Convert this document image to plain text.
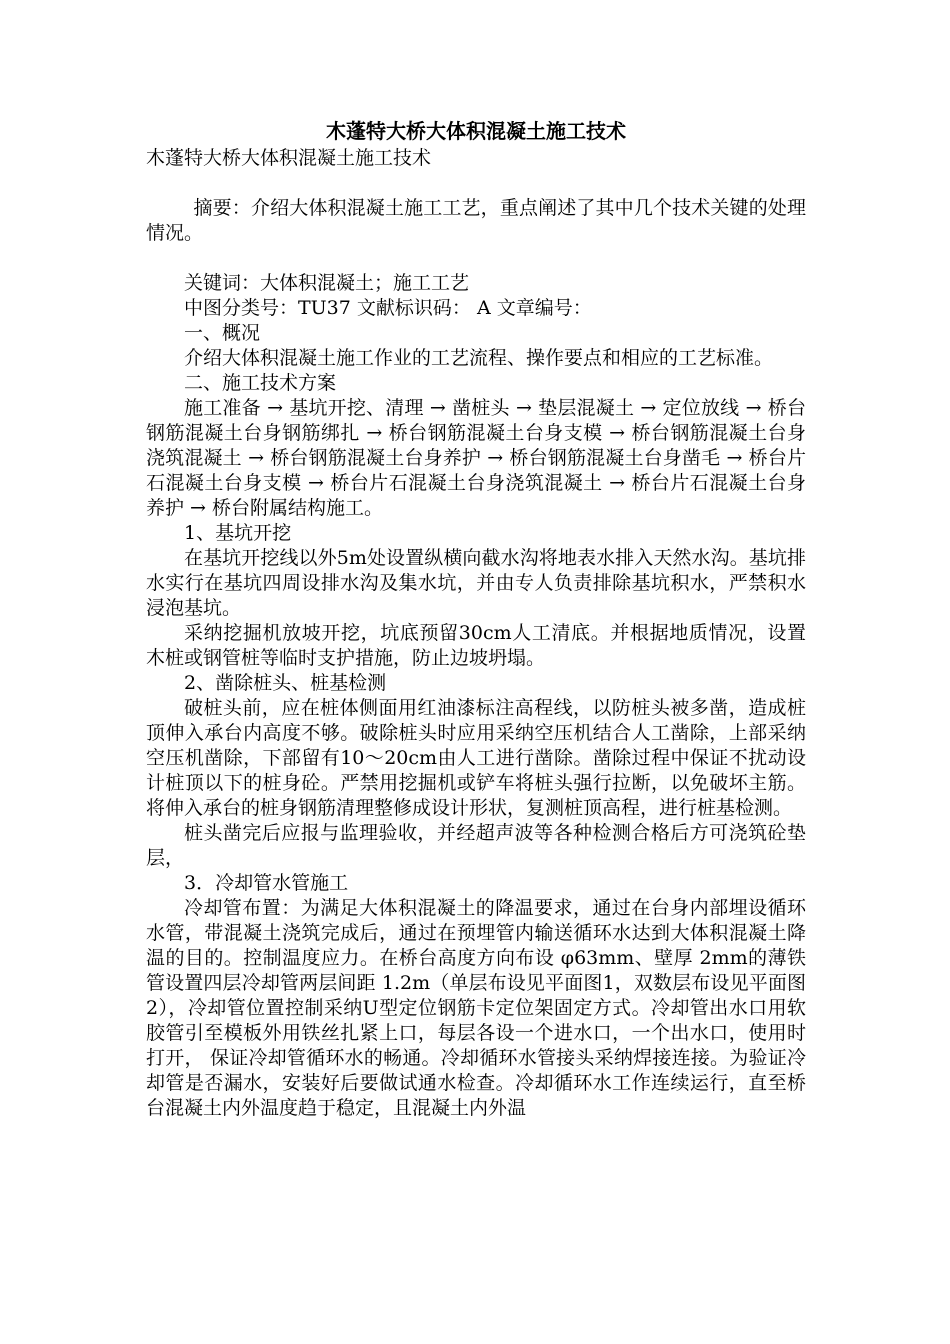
木蓬特大桥大体积混凝土施工技术

木蓬特大桥大体积混凝土施工技术

摘要：介绍大体积混凝土施工工艺，重点阐述了其中几个技术关键的处理情况。

关键词：大体积混凝土；施工工艺

中图分类号：TU37 文献标识码： A 文章编号：

一、概况

介绍大体积混凝土施工作业的工艺流程、操作要点和相应的工艺标准。

二、施工技术方案

施工准备 → 基坑开挖、清理 → 凿桩头 → 垫层混凝土 → 定位放线 → 桥台钢筋混凝土台身钢筋绑扎 → 桥台钢筋混凝土台身支模 → 桥台钢筋混凝土台身浇筑混凝土 → 桥台钢筋混凝土台身养护 → 桥台钢筋混凝土台身凿毛 → 桥台片石混凝土台身支模 → 桥台片石混凝土台身浇筑混凝土 → 桥台片石混凝土台身养护 → 桥台附属结构施工。

1、基坑开挖

在基坑开挖线以外5m处设置纵横向截水沟将地表水排入天然水沟。基坑排水实行在基坑四周设排水沟及集水坑，并由专人负责排除基坑积水，严禁积水浸泡基坑。

采纳挖掘机放坡开挖，坑底预留30cm人工清底。并根据地质情况，设置木桩或钢管桩等临时支护措施，防止边坡坍塌。

2、凿除桩头、桩基检测

破桩头前，应在桩体侧面用红油漆标注高程线，以防桩头被多凿，造成桩顶伸入承台内高度不够。破除桩头时应用采纳空压机结合人工凿除，上部采纳空压机凿除，下部留有10～20cm由人工进行凿除。凿除过程中保证不扰动设计桩顶以下的桩身砼。严禁用挖掘机或铲车将桩头强行拉断，以免破坏主筋。将伸入承台的桩身钢筋清理整修成设计形状，复测桩顶高程，进行桩基检测。

桩头凿完后应报与监理验收，并经超声波等各种检测合格后方可浇筑砼垫层，

3．冷却管水管施工

冷却管布置：为满足大体积混凝土的降温要求，通过在台身内部埋设循环水管，带混凝土浇筑完成后，通过在预埋管内输送循环水达到大体积混凝土降温的目的。控制温度应力。在桥台高度方向布设 φ63mm、壁厚 2mm的薄铁管设置四层冷却管两层间距 1.2m（单层布设见平面图1，双数层布设见平面图2），冷却管位置控制采纳U型定位钢筋卡定位架固定方式。冷却管出水口用软胶管引至模板外用铁丝扎紧上口，每层各设一个进水口，一个出水口，使用时打开， 保证冷却管循环水的畅通。冷却循环水管接头采纳焊接连接。为验证冷却管是否漏水，安装好后要做试通水检查。冷却循环水工作连续运行，直至桥台混凝土内外温度趋于稳定，且混凝土内外温
